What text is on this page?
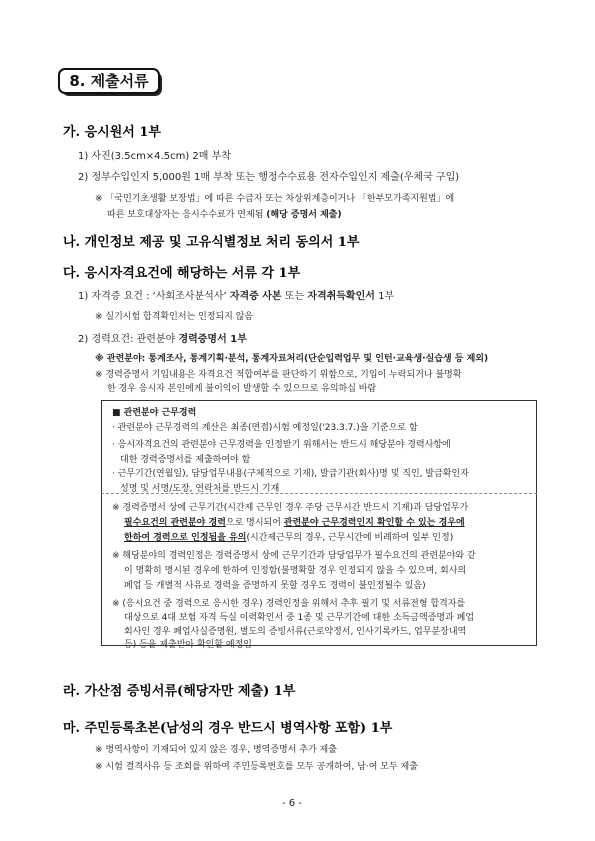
8. 제출서류
가. 응시원서 1부
1) 사진(3.5cm×4.5cm) 2매 부착
2) 정부수입인지 5,000원 1매 부착 또는 행정수수료용 전자수입인지 제출(우체국 구입)
※ 「국민기초생활 보장법」에 따른 수급자 또는 차상위계층이거나 「한부모가족지원법」에
따른 보호대상자는 응시수수료가 면제됨 (해당 증명서 제출)
나. 개인정보 제공 및 고유식별정보 처리 동의서 1부
다. 응시자격요건에 해당하는 서류 각 1부
1) 자격증 요건 : ‘사회조사분석사’ 자격증 사본 또는 자격취득확인서 1부
※ 실기시험 합격확인서는 인정되지 않음
2) 경력요건: 관련분야 경력증명서 1부
※ 관련분야: 통계조사, 통계기획·분석, 통계자료처리(단순입력업무 및 인턴·교육생·실습생 등 제외)
※ 경력증명서 기입내용은 자격요건 적합여부를 판단하기 위함으로, 기입이 누락되거나 불명확
한 경우 응시자 본인에게 불이익이 발생할 수 있으므로 유의하십 바람
■ 관련분야 근무경력
· 관련분야 근무경력의 계산은 최종(면접)시험 예정일('23.3.7.)을 기준으로 함
· 응시자격요건의 관련분야 근무경력을 인정받기 위해서는 반드시 해당분야 경력사항에
대한 경력증명서를 제출하여야 함
· 근무기간(연월일), 담당업무내용(구체적으로 기재), 발급기관(회사)명 및 직인, 발급확인자
성명 및 서명/도장, 연락처를 반드시 기재
※ 경력증명서 상에 근무기간(시간제 근무인 경우 주당 근무시간 반드시 기재)과 담당업무가
필수요건의 관련분야 경력으로 명시되어 관련분야 근무경력인지 확인할 수 있는 경우에
한하여 경력으로 인정됨을 유의(시간제근무의 경우, 근무시간에 비례하여 일부 인정)
※ 해당분야의 경력인정은 경력증명서 상에 근무기간과 담당업무가 필수요건의 관련분야와 같
이 명확히 명시된 경우에 한하여 인정함(불명확할 경우 인정되지 않을 수 있으며, 회사의
폐업 등 개별적 사유로 경력을 증명하지 못할 경우도 경력이 불인정될수 있음)
※ (응시요건 중 경력으로 응시한 경우) 경력인정을 위해서 추후 필기 및 서류전형 합격자를
대상으로 4대 보험 자격 득실 이력확인서 중 1종 및 근무기간에 대한 소득금액증명과 폐업
회사인 경우 폐업사실증명원, 별도의 증빙서류(근로약정서, 인사기록카드, 업무분장내역
등) 등을 제출받아 확인할 예정임
라. 가산점 증빙서류(해당자만 제출) 1부
마. 주민등록초본(남성의 경우 반드시 병역사항 포함) 1부
※ 병역사항이 기재되어 있지 않은 경우, 병역증명서 추가 제출
※ 시험 결격사유 등 조회를 위하여 주민등록번호를 모두 공개하여, 남·여 모두 제출
- 6 -
